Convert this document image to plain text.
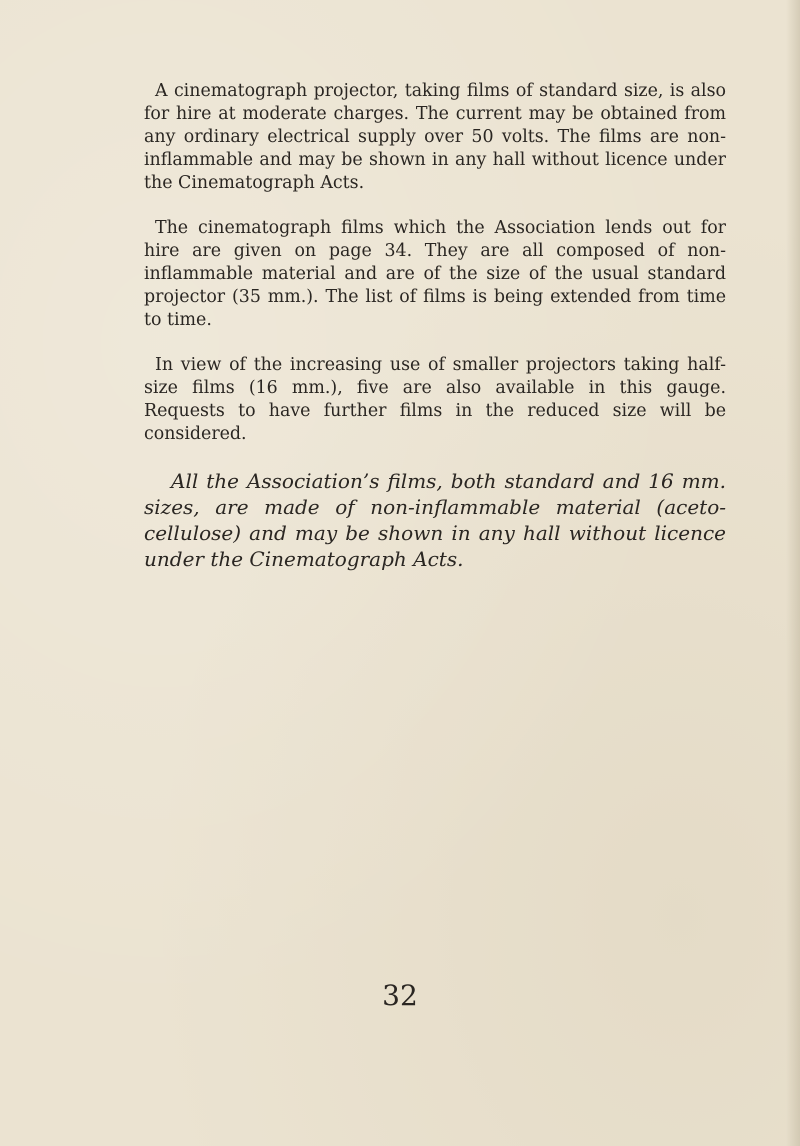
A cinematograph projector, taking films of standard size, is also for hire at moderate charges. The current may be obtained from any ordinary electrical supply over 50 volts. The films are non-inflammable and may be shown in any hall without licence under the Cinematograph Acts.

The cinematograph films which the Association lends out for hire are given on page 34. They are all composed of non-inflammable material and are of the size of the usual standard projector (35 mm.). The list of films is being extended from time to time.

In view of the increasing use of smaller projectors taking half-size films (16 mm.), five are also available in this gauge. Requests to have further films in the reduced size will be considered.

All the Association’s films, both standard and 16 mm. sizes, are made of non-inflammable material (aceto-cellulose) and may be shown in any hall without licence under the Cinematograph Acts.

32
